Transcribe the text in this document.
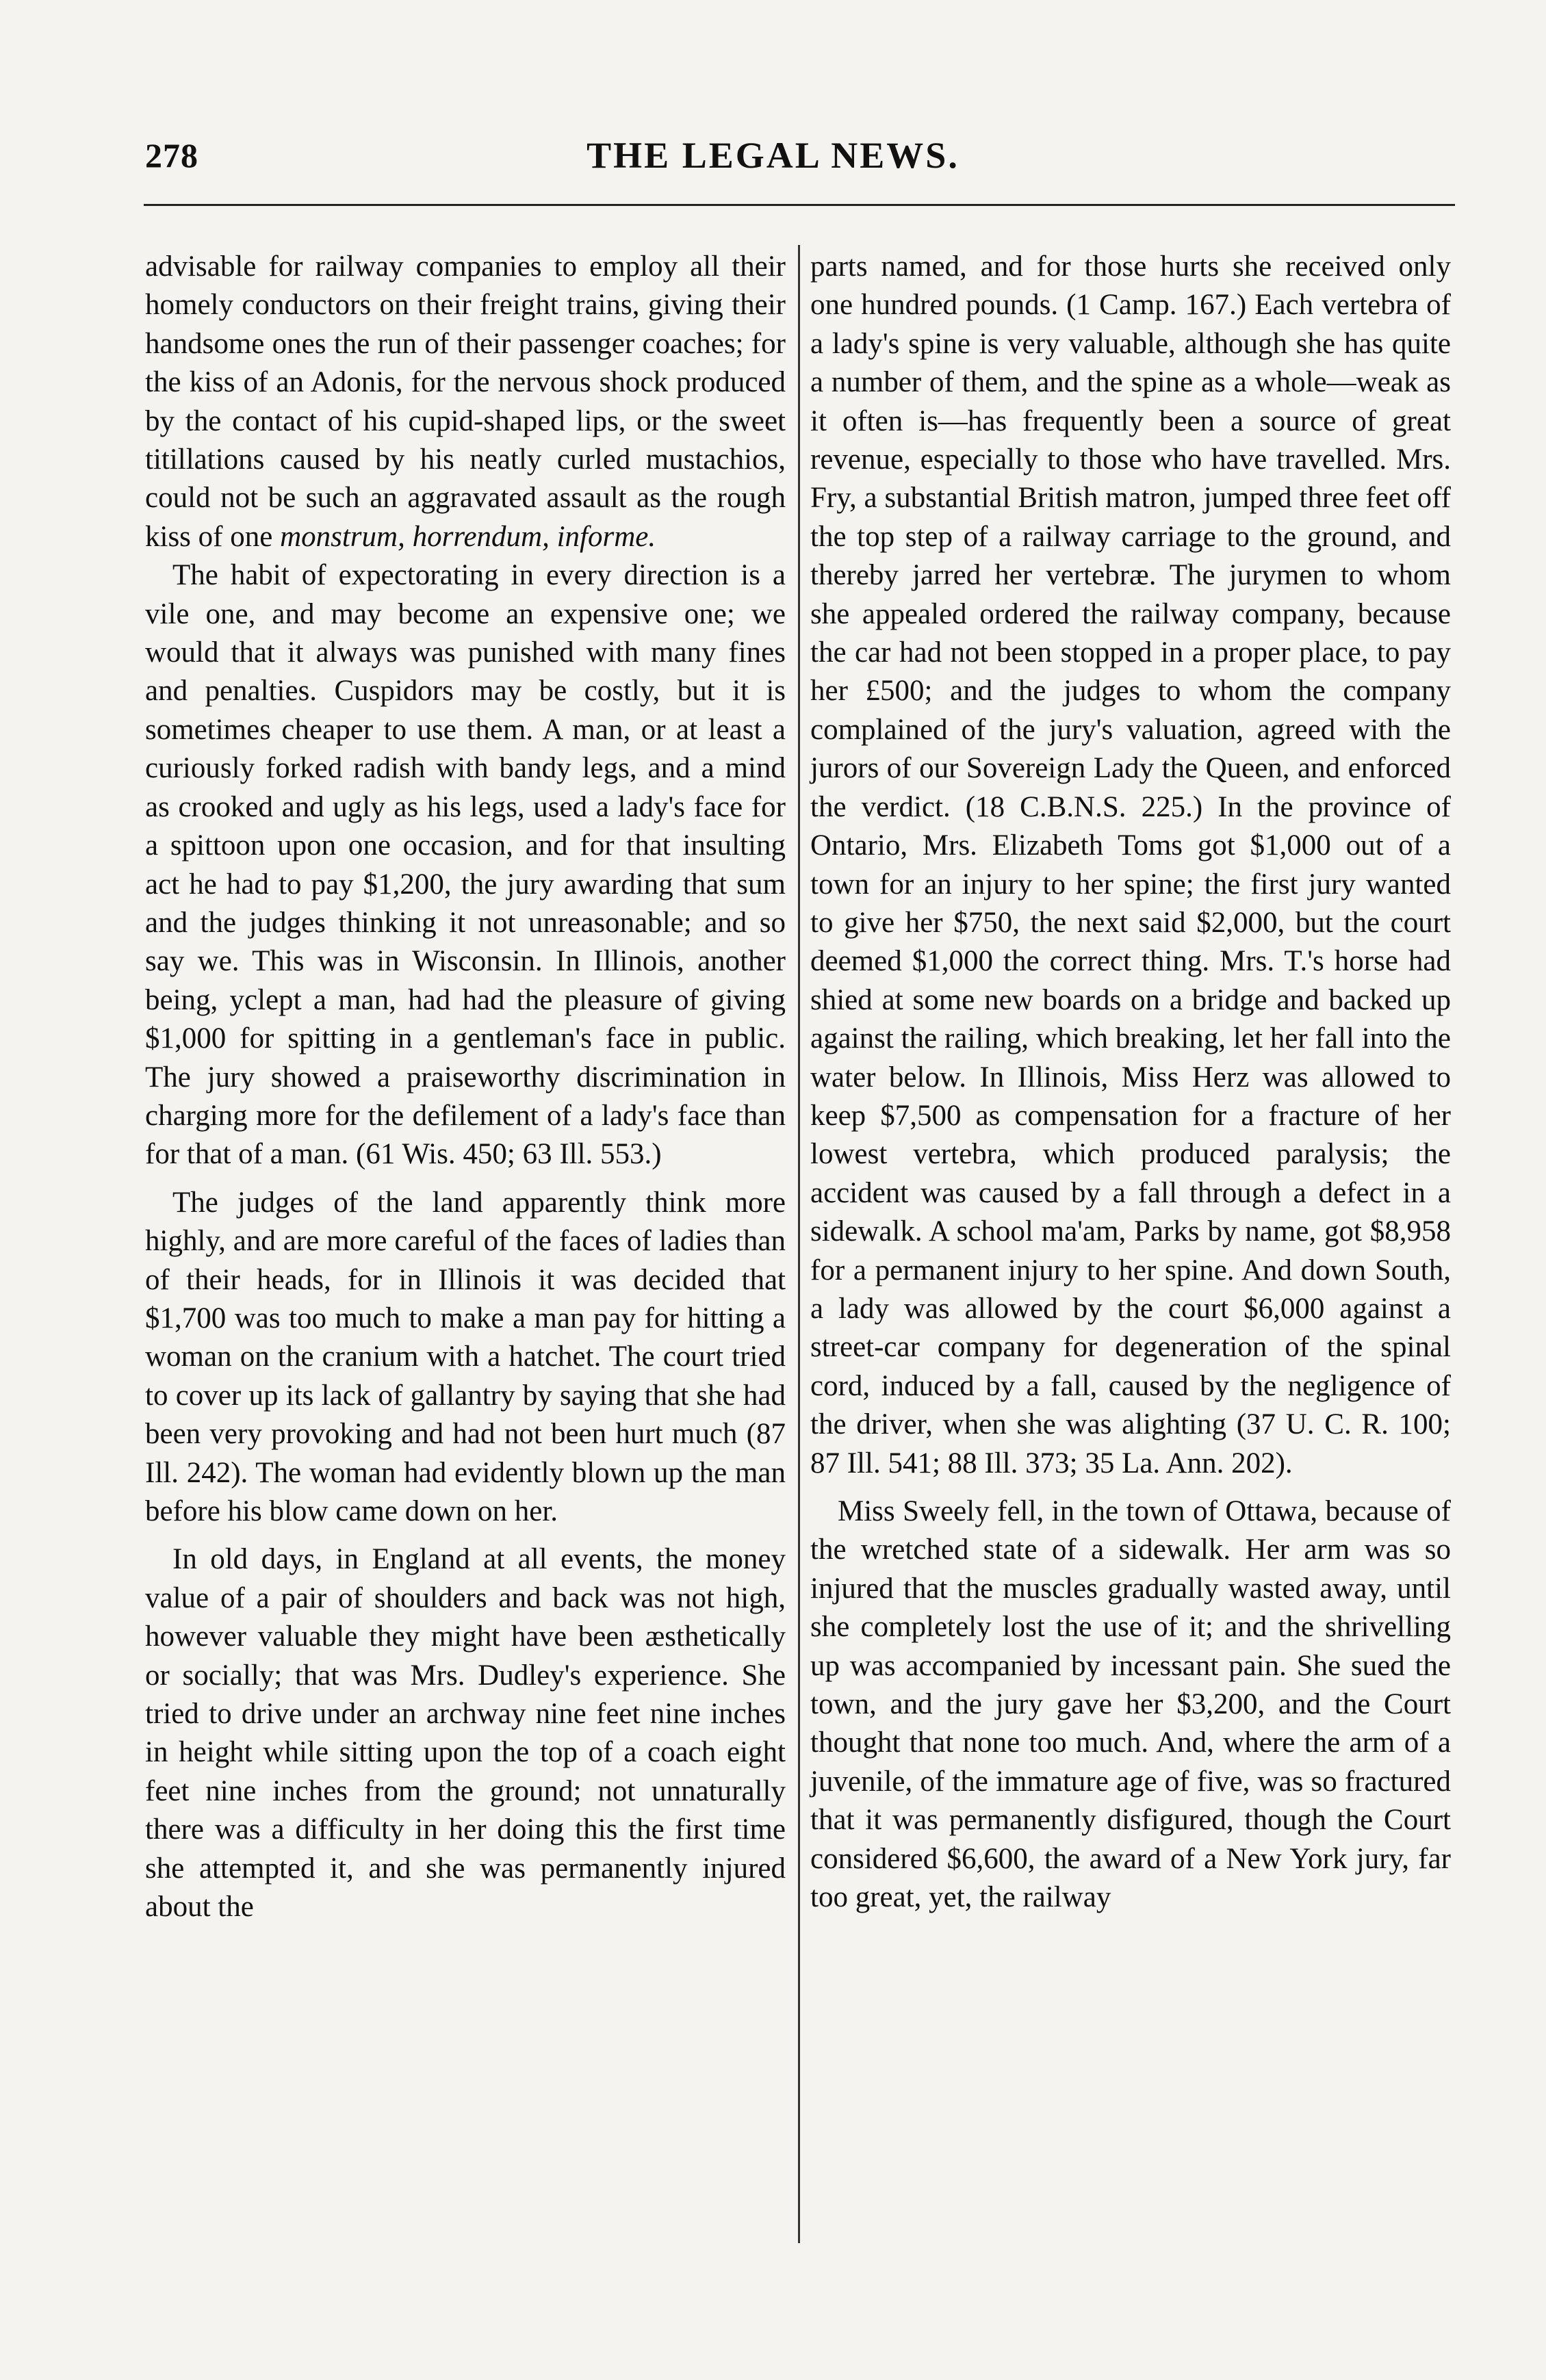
278	THE LEGAL NEWS.

advisable for railway companies to employ all their homely conductors on their freight trains, giving their handsome ones the run of their passenger coaches; for the kiss of an Adonis, for the nervous shock produced by the contact of his cupid-shaped lips, or the sweet titillations caused by his neatly curled mustachios, could not be such an aggravated assault as the rough kiss of one monstrum, horrendum, informe.

The habit of expectorating in every direction is a vile one, and may become an expensive one; we would that it always was punished with many fines and penalties. Cuspidors may be costly, but it is sometimes cheaper to use them. A man, or at least a curiously forked radish with bandy legs, and a mind as crooked and ugly as his legs, used a lady's face for a spittoon upon one occasion, and for that insulting act he had to pay $1,200, the jury awarding that sum and the judges thinking it not unreasonable; and so say we. This was in Wisconsin. In Illinois, another being, yclept a man, had had the pleasure of giving $1,000 for spitting in a gentleman's face in public. The jury showed a praiseworthy discrimination in charging more for the defilement of a lady's face than for that of a man. (61 Wis. 450; 63 Ill. 553.)

The judges of the land apparently think more highly, and are more careful of the faces of ladies than of their heads, for in Illinois it was decided that $1,700 was too much to make a man pay for hitting a woman on the cranium with a hatchet. The court tried to cover up its lack of gallantry by saying that she had been very provoking and had not been hurt much (87 Ill. 242). The woman had evidently blown up the man before his blow came down on her.

In old days, in England at all events, the money value of a pair of shoulders and back was not high, however valuable they might have been æsthetically or socially; that was Mrs. Dudley's experience. She tried to drive under an archway nine feet nine inches in height while sitting upon the top of a coach eight feet nine inches from the ground; not unnaturally there was a difficulty in her doing this the first time she attempted it, and she was permanently injured about the

parts named, and for those hurts she received only one hundred pounds. (1 Camp. 167.) Each vertebra of a lady's spine is very valuable, although she has quite a number of them, and the spine as a whole—weak as it often is—has frequently been a source of great revenue, especially to those who have travelled. Mrs. Fry, a substantial British matron, jumped three feet off the top step of a railway carriage to the ground, and thereby jarred her vertebræ. The jurymen to whom she appealed ordered the railway company, because the car had not been stopped in a proper place, to pay her £500; and the judges to whom the company complained of the jury's valuation, agreed with the jurors of our Sovereign Lady the Queen, and enforced the verdict. (18 C.B.N.S. 225.) In the province of Ontario, Mrs. Elizabeth Toms got $1,000 out of a town for an injury to her spine; the first jury wanted to give her $750, the next said $2,000, but the court deemed $1,000 the correct thing. Mrs. T.'s horse had shied at some new boards on a bridge and backed up against the railing, which breaking, let her fall into the water below. In Illinois, Miss Herz was allowed to keep $7,500 as compensation for a fracture of her lowest vertebra, which produced paralysis; the accident was caused by a fall through a defect in a sidewalk. A school ma'am, Parks by name, got $8,958 for a permanent injury to her spine. And down South, a lady was allowed by the court $6,000 against a street-car company for degeneration of the spinal cord, induced by a fall, caused by the negligence of the driver, when she was alighting (37 U. C. R. 100; 87 Ill. 541; 88 Ill. 373; 35 La. Ann. 202).

Miss Sweely fell, in the town of Ottawa, because of the wretched state of a sidewalk. Her arm was so injured that the muscles gradually wasted away, until she completely lost the use of it; and the shrivelling up was accompanied by incessant pain. She sued the town, and the jury gave her $3,200, and the Court thought that none too much. And, where the arm of a juvenile, of the immature age of five, was so fractured that it was permanently disfigured, though the Court considered $6,600, the award of a New York jury, far too great, yet, the railway
